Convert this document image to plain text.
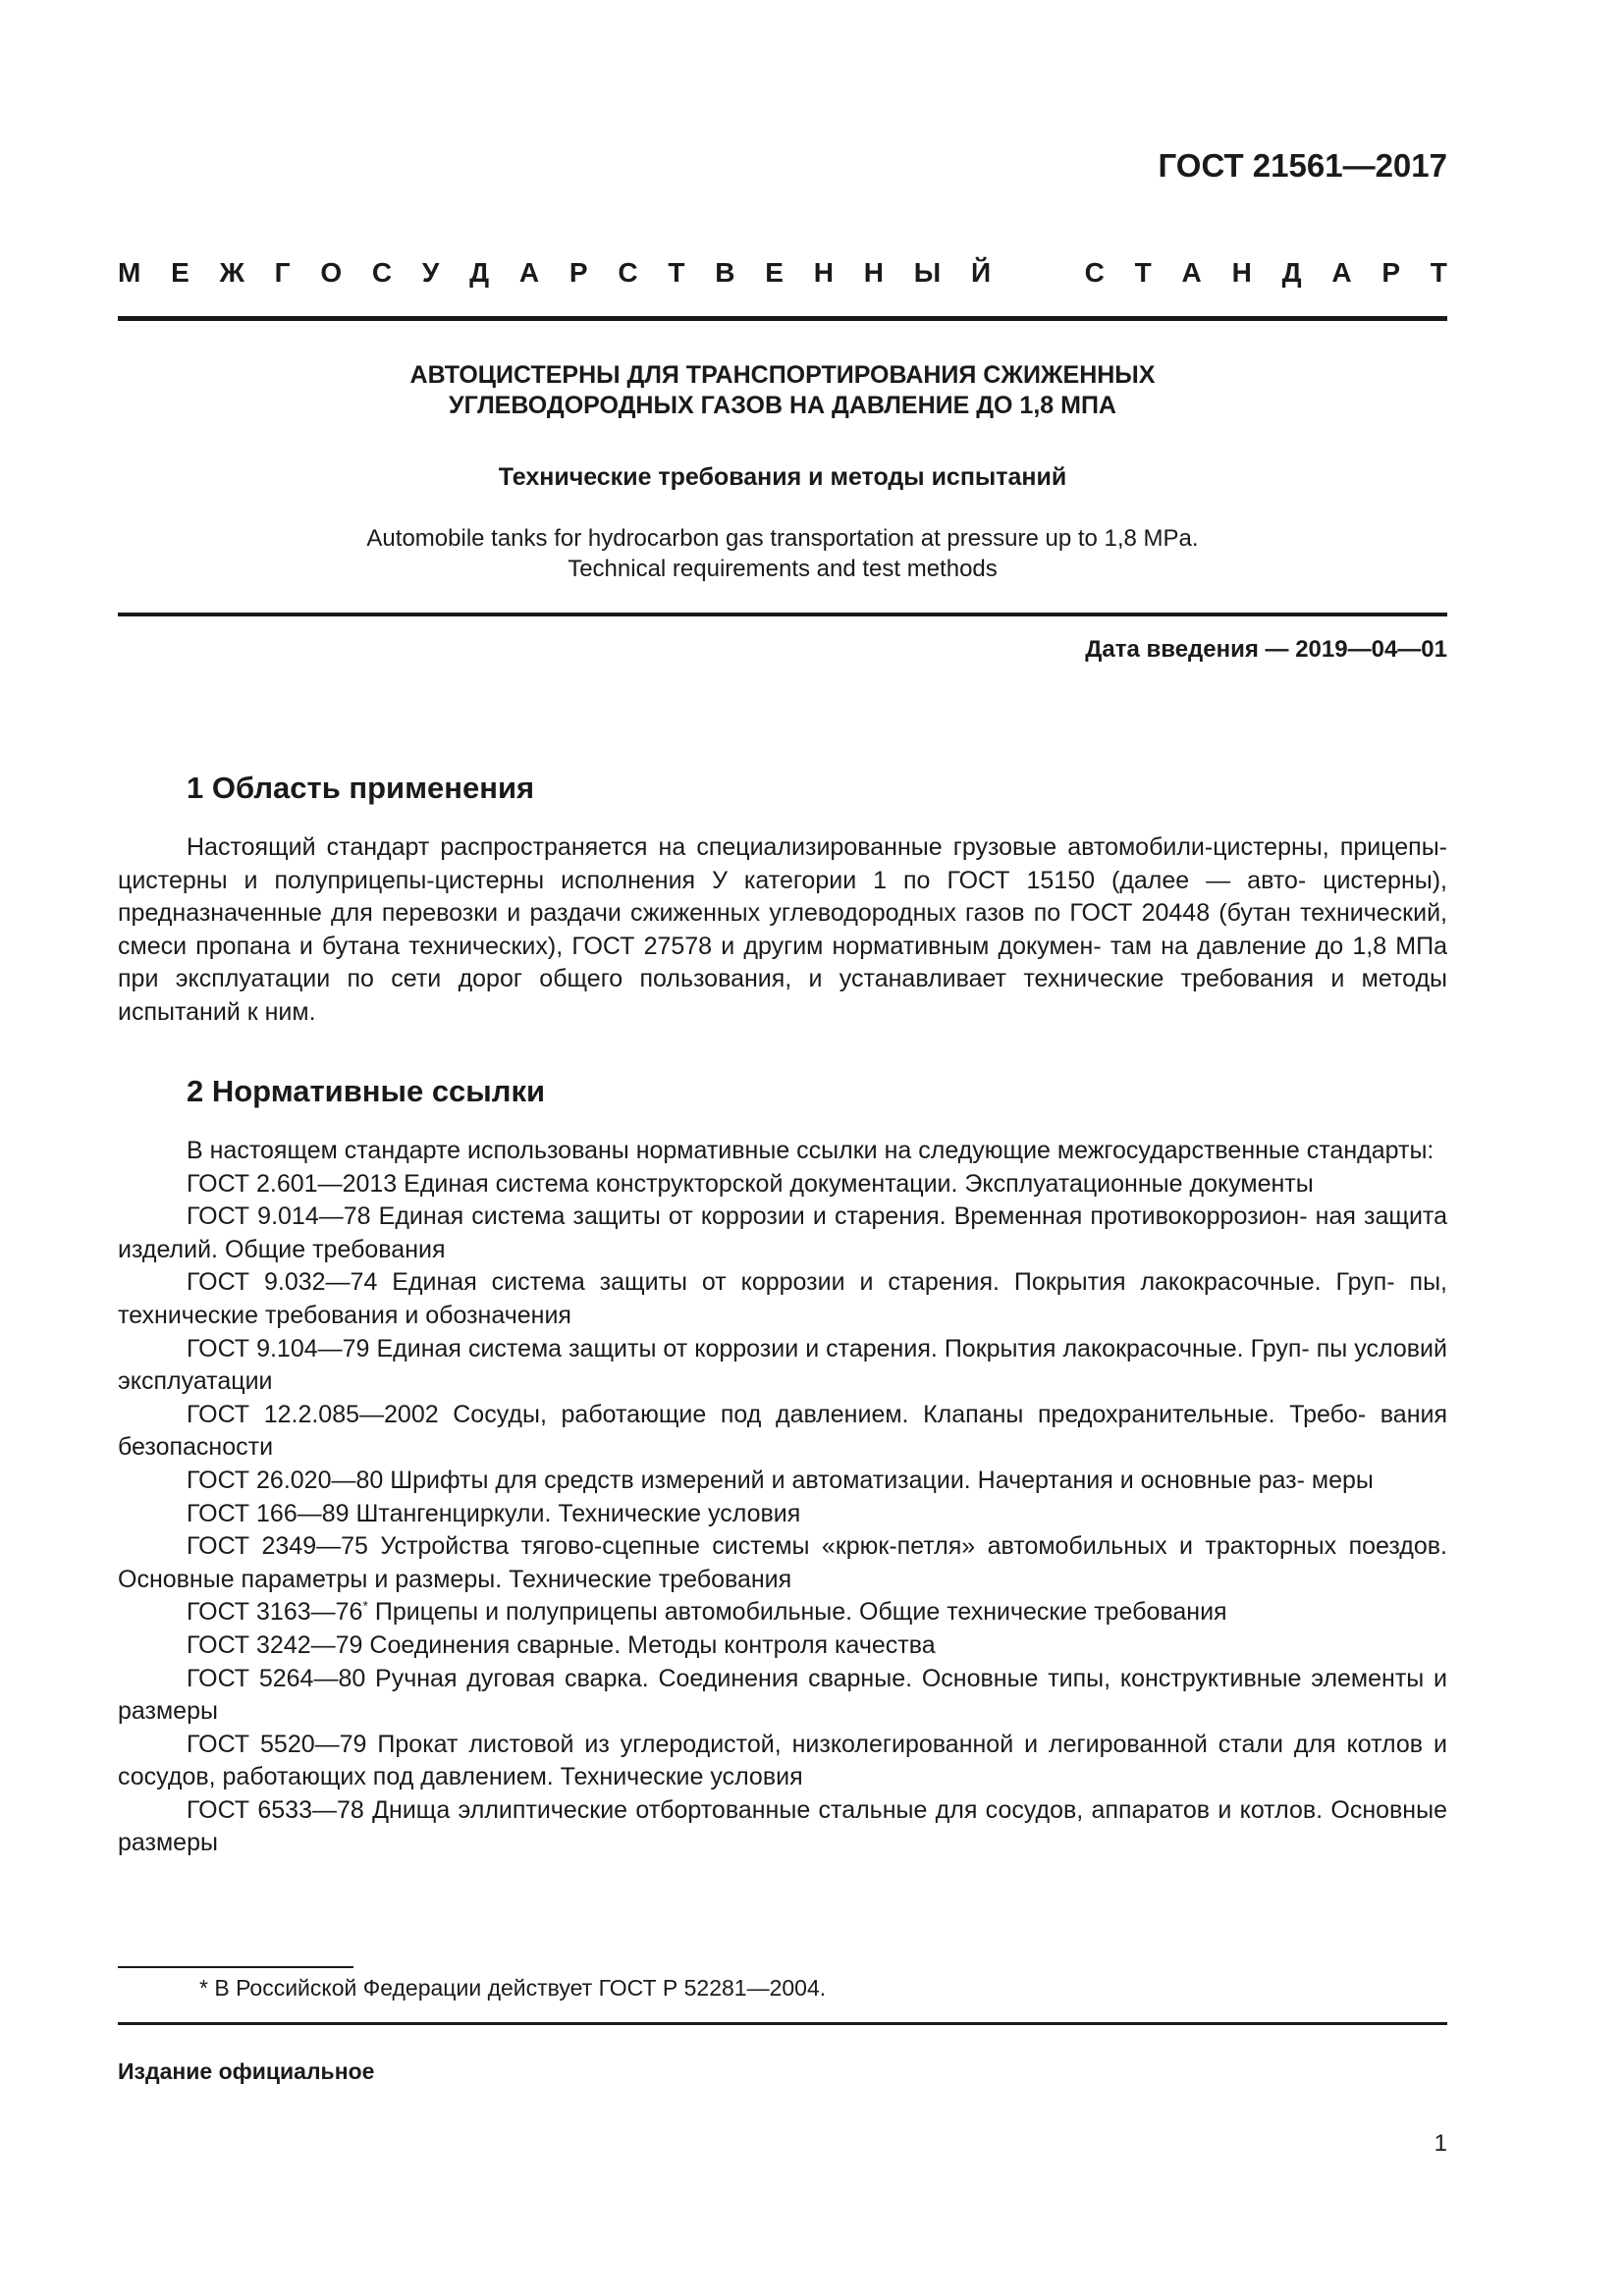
ГОСТ 21561—2017
М Е Ж Г О С У Д А Р С Т В Е Н Н Ы Й	С Т А Н Д А Р Т
АВТОЦИСТЕРНЫ ДЛЯ ТРАНСПОРТИРОВАНИЯ СЖИЖЕННЫХ
УГЛЕВОДОРОДНЫХ ГАЗОВ НА ДАВЛЕНИЕ ДО 1,8 МПА
Технические требования и методы испытаний
Automobile tanks for hydrocarbon gas transportation at pressure up to 1,8 MPa.
Technical requirements and test methods
Дата введения — 2019—04—01
1 Область применения

Настоящий стандарт распространяется на специализированные грузовые автомобили-цистерны, прицепы-цистерны и полуприцепы-цистерны исполнения У категории 1 по ГОСТ 15150 (далее — авто- цистерны), предназначенные для перевозки и раздачи сжиженных углеводородных газов по ГОСТ 20448 (бутан технический, смеси пропана и бутана технических), ГОСТ 27578 и другим нормативным докумен- там на давление до 1,8 МПа при эксплуатации по сети дорог общего пользования, и устанавливает технические требования и методы испытаний к ним.

2 Нормативные ссылки

В настоящем стандарте использованы нормативные ссылки на следующие межгосударственные стандарты:

ГОСТ 2.601—2013 Единая система конструкторской документации. Эксплуатационные документы

ГОСТ 9.014—78 Единая система защиты от коррозии и старения. Временная противокоррозион- ная защита изделий. Общие требования

ГОСТ 9.032—74 Единая система защиты от коррозии и старения. Покрытия лакокрасочные. Груп- пы, технические требования и обозначения

ГОСТ 9.104—79 Единая система защиты от коррозии и старения. Покрытия лакокрасочные. Груп- пы условий эксплуатации

ГОСТ 12.2.085—2002 Сосуды, работающие под давлением. Клапаны предохранительные. Требо- вания безопасности

ГОСТ 26.020—80 Шрифты для средств измерений и автоматизации. Начертания и основные раз- меры

ГОСТ 166—89 Штангенциркули. Технические условия

ГОСТ 2349—75 Устройства тягово-сцепные системы «крюк-петля» автомобильных и тракторных поездов. Основные параметры и размеры. Технические требования

ГОСТ 3163—76* Прицепы и полуприцепы автомобильные. Общие технические требования

ГОСТ 3242—79 Соединения сварные. Методы контроля качества

ГОСТ 5264—80 Ручная дуговая сварка. Соединения сварные. Основные типы, конструктивные элементы и размеры

ГОСТ 5520—79 Прокат листовой из углеродистой, низколегированной и легированной стали для котлов и сосудов, работающих под давлением. Технические условия

ГОСТ 6533—78 Днища эллиптические отбортованные стальные для сосудов, аппаратов и котлов. Основные размеры

* В Российской Федерации действует ГОСТ Р 52281—2004.
Издание официальное
1
